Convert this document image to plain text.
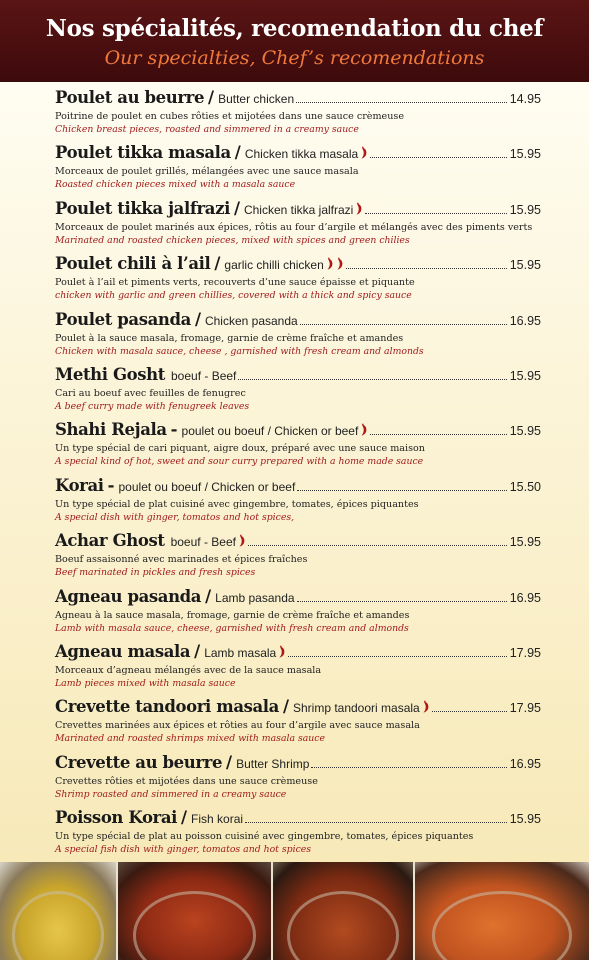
Nos spécialités, recomendation du chef
Our specialties, Chef’s recomendations
Poulet au beurre / Butter chicken	14.95
Poitrine de poulet en cubes rôties et mijotées dans une sauce crèmeuse
Chicken breast pieces, roasted and simmered in a creamy sauce
Poulet tikka masala / Chicken tikka masala	15.95
Morceaux de poulet grillés, mélangées avec une sauce masala
Roasted chicken pieces mixed with a masala sauce
Poulet tikka jalfrazi / Chicken tikka jalfrazi	15.95
Morceaux de poulet marinés aux épices, rôtis au four d’argile et mélangés avec des piments verts
Marinated and roasted chicken pieces, mixed with spices and green chilies
Poulet chili à l’ail / garlic chilli chicken	15.95
Poulet à l’ail et piments verts, recouverts d’une sauce épaisse et piquante
chicken with garlic and green chillies, covered with a thick and spicy sauce
Poulet pasanda / Chicken pasanda	16.95
Poulet à la sauce masala, fromage, garnie de crème fraîche et amandes
Chicken with masala sauce, cheese , garnished with fresh cream and almonds
Methi Gosht boeuf - Beef	15.95
Cari au boeuf avec feuilles de fenugrec
A beef curry made with fenugreek leaves
Shahi Rejala - poulet ou boeuf / Chicken or beef	15.95
Un type spécial de cari piquant, aigre doux, préparé avec une sauce maison
A special kind of hot, sweet and sour curry prepared with a home made sauce
Korai - poulet ou boeuf / Chicken or beef	15.50
Un type spécial de plat cuisiné avec gingembre, tomates, épices piquantes
A special dish with ginger, tomatos and hot spices,
Achar Ghost boeuf - Beef	15.95
Boeuf assaisonné avec marinades et épices fraîches
Beef marinated in pickles and fresh spices
Agneau pasanda / Lamb pasanda	16.95
Agneau à la sauce masala, fromage, garnie de crème fraîche et amandes
Lamb with masala sauce, cheese, garnished with fresh cream and almonds
Agneau masala / Lamb masala	17.95
Morceaux d’agneau mélangés avec de la sauce masala
Lamb pieces mixed with masala sauce
Crevette tandoori masala / Shrimp tandoori masala	17.95
Crevettes marinées aux épices et rôties au four d’argile avec sauce masala
Marinated and roasted shrimps mixed with masala sauce
Crevette au beurre / Butter Shrimp	16.95
Crevettes rôties et mijotées dans une sauce crèmeuse
Shrimp roasted and simmered in a creamy sauce
Poisson Korai / Fish korai	15.95
Un type spécial de plat au poisson cuisiné avec gingembre, tomates, épices piquantes
A special fish dish with ginger, tomatos and hot spices
